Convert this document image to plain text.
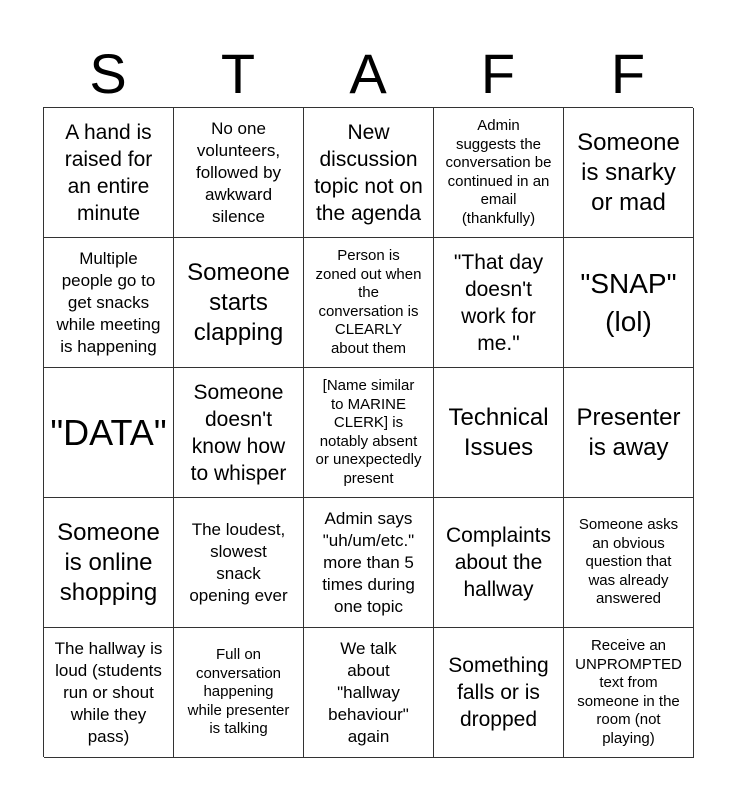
S	T	A	F	F
A hand is
raised for
an entire
minute
No one
volunteers,
followed by
awkward
silence
New
discussion
topic not on
the agenda
Admin
suggests the
conversation be
continued in an
email
(thankfully)
Someone
is snarky
or mad
Multiple
people go to
get snacks
while meeting
is happening
Someone
starts
clapping
Person is
zoned out when
the
conversation is
CLEARLY
about them
"That day
doesn't
work for
me."
"SNAP"
(lol)
"DATA"
Someone
doesn't
know how
to whisper
[Name similar
to MARINE
CLERK] is
notably absent
or unexpectedly
present
Technical
Issues
Presenter
is away
Someone
is online
shopping
The loudest,
slowest
snack
opening ever
Admin says
"uh/um/etc."
more than 5
times during
one topic
Complaints
about the
hallway
Someone asks
an obvious
question that
was already
answered
The hallway is
loud (students
run or shout
while they
pass)
Full on
conversation
happening
while presenter
is talking
We talk
about
"hallway
behaviour"
again
Something
falls or is
dropped
Receive an
UNPROMPTED
text from
someone in the
room (not
playing)
